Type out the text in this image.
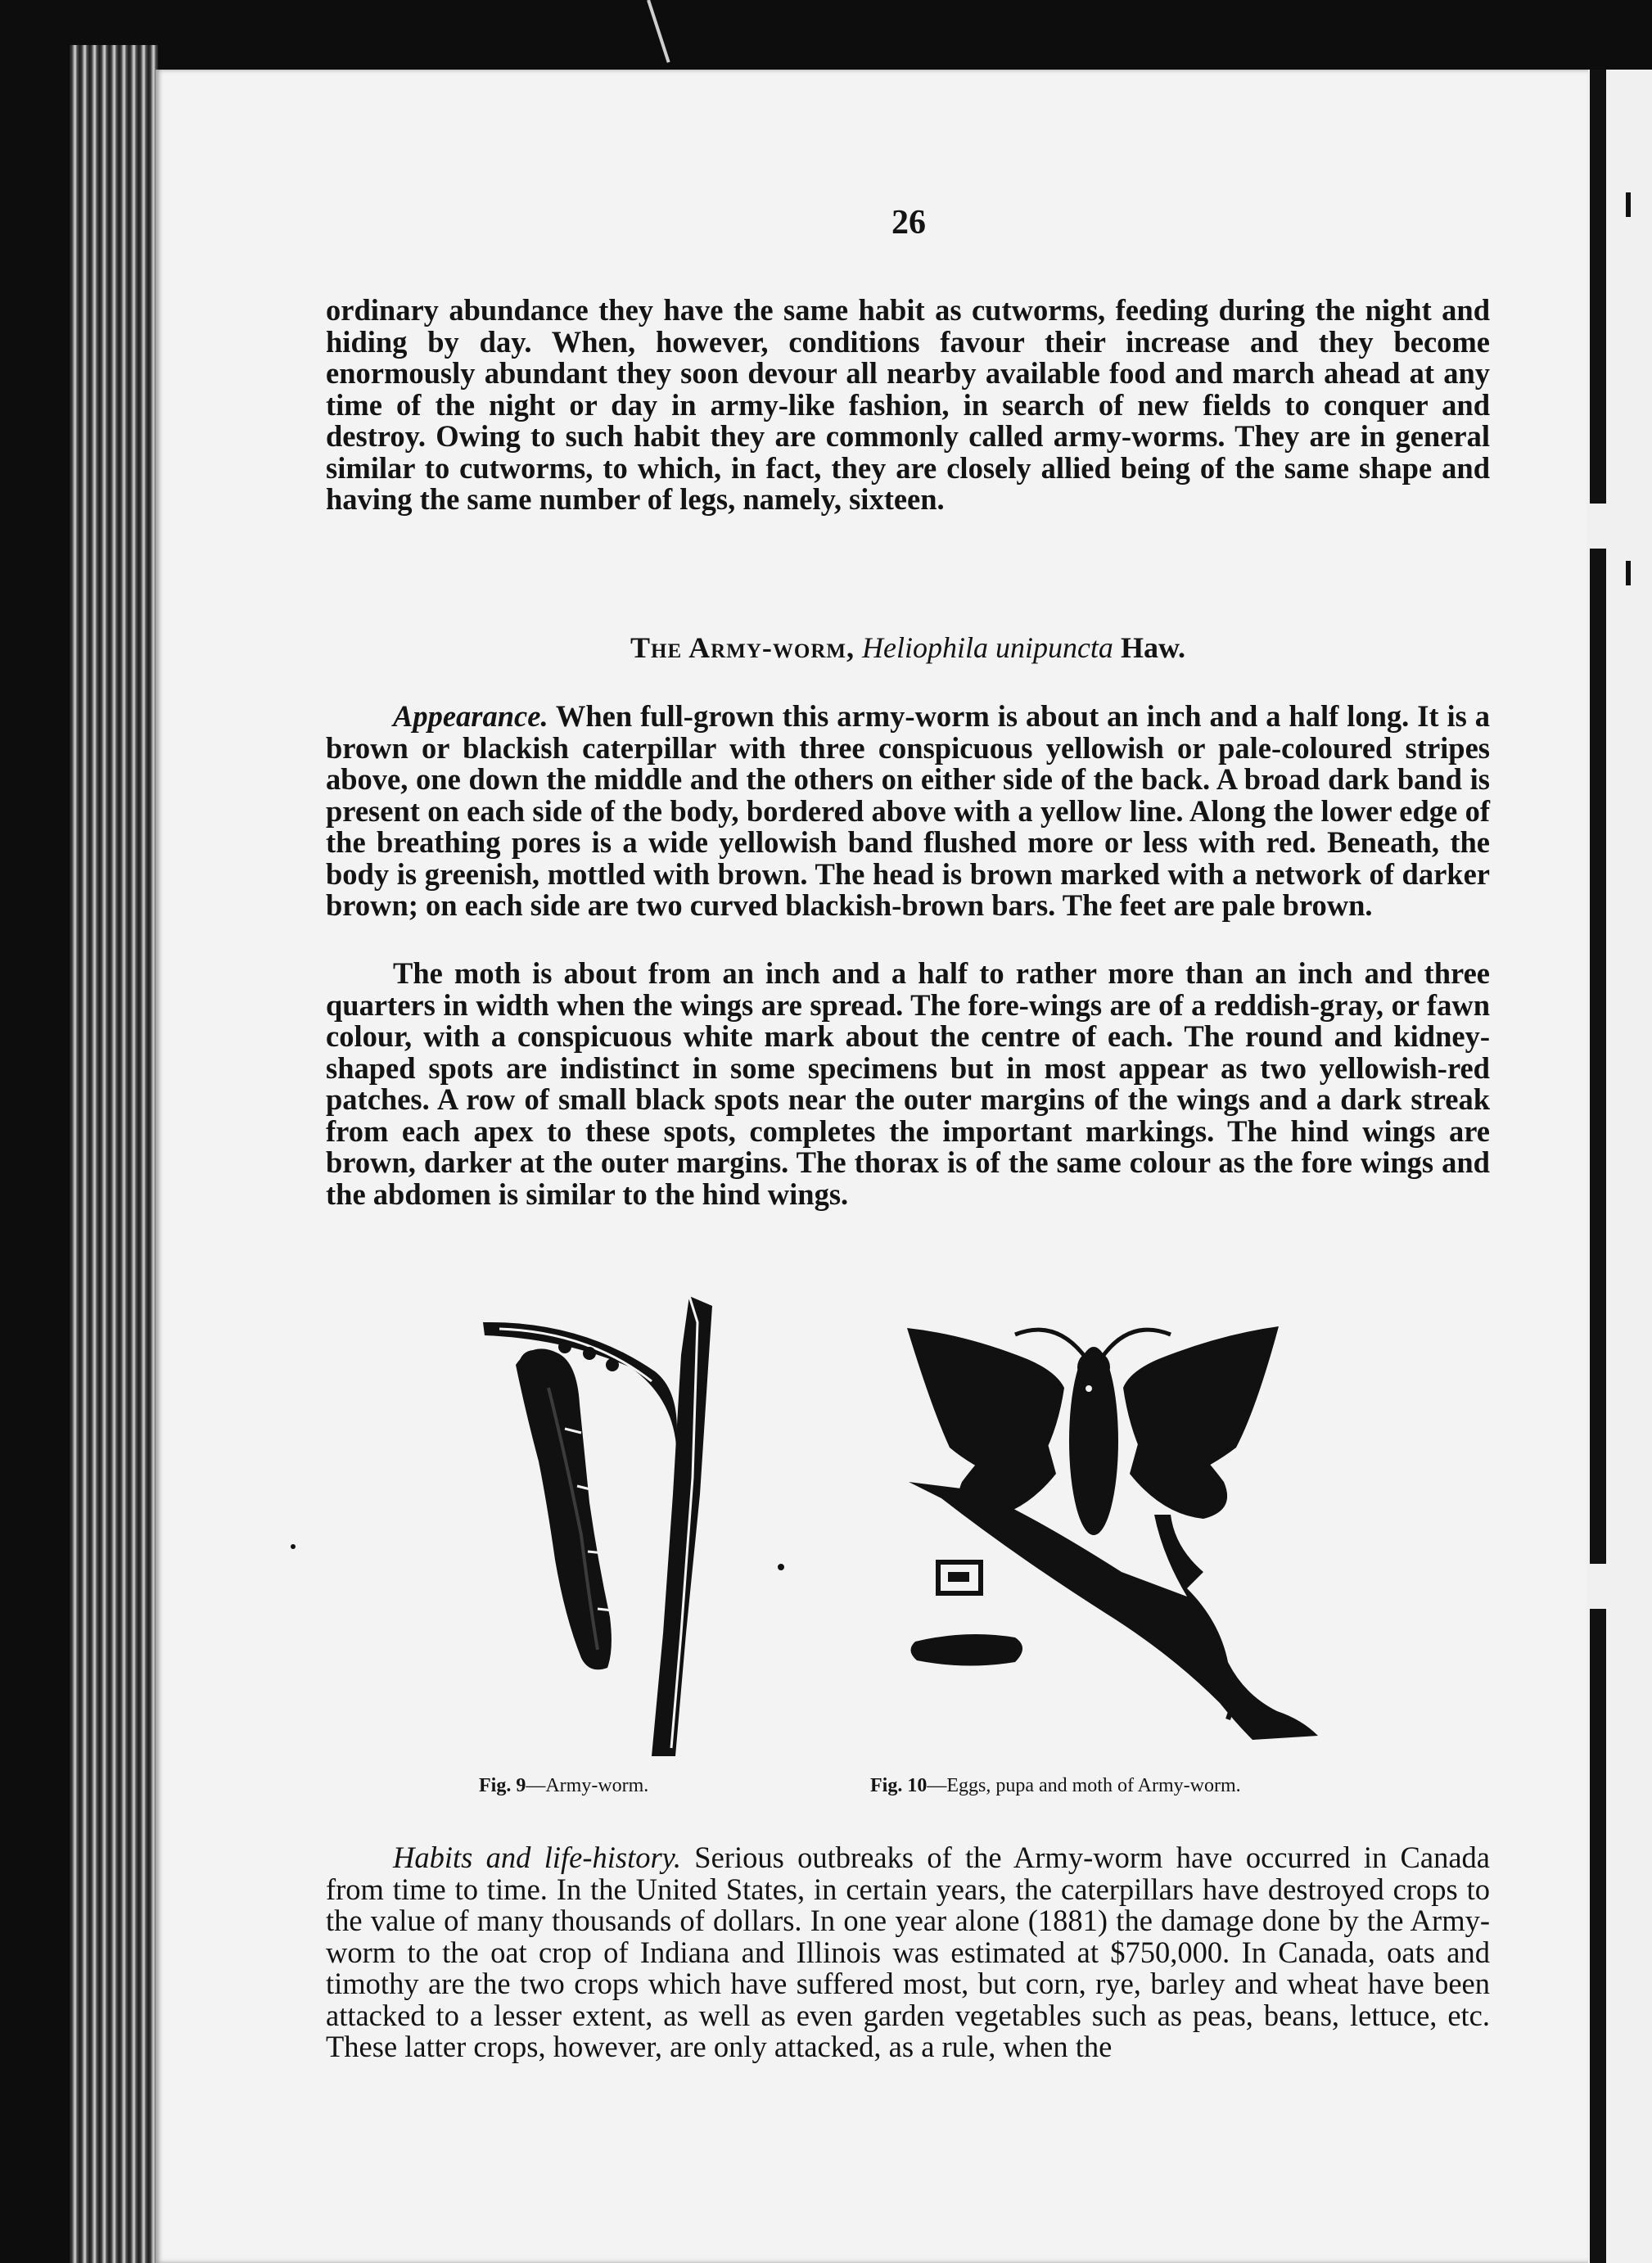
26
ordinary abundance they have the same habit as cutworms, feeding during the night and hiding by day. When, however, conditions favour their increase and they become enormously abundant they soon devour all nearby available food and march ahead at any time of the night or day in army-like fashion, in search of new fields to conquer and destroy. Owing to such habit they are commonly called army-worms. They are in general similar to cutworms, to which, in fact, they are closely allied being of the same shape and having the same number of legs, namely, sixteen.
The Army-worm, Heliophila unipuncta Haw.
Appearance. When full-grown this army-worm is about an inch and a half long. It is a brown or blackish caterpillar with three conspicuous yellowish or pale-coloured stripes above, one down the middle and the others on either side of the back. A broad dark band is present on each side of the body, bordered above with a yellow line. Along the lower edge of the breathing pores is a wide yellowish band flushed more or less with red. Beneath, the body is greenish, mottled with brown. The head is brown marked with a network of darker brown; on each side are two curved blackish-brown bars. The feet are pale brown.
The moth is about from an inch and a half to rather more than an inch and three quarters in width when the wings are spread. The fore-wings are of a reddish-gray, or fawn colour, with a conspicuous white mark about the centre of each. The round and kidney-shaped spots are indistinct in some specimens but in most appear as two yellowish-red patches. A row of small black spots near the outer margins of the wings and a dark streak from each apex to these spots, completes the important markings. The hind wings are brown, darker at the outer margins. The thorax is of the same colour as the fore wings and the abdomen is similar to the hind wings.
Fig. 9—Army-worm.	Fig. 10—Eggs, pupa and moth of Army-worm.
Habits and life-history. Serious outbreaks of the Army-worm have occurred in Canada from time to time. In the United States, in certain years, the caterpillars have destroyed crops to the value of many thousands of dollars. In one year alone (1881) the damage done by the Army-worm to the oat crop of Indiana and Illinois was estimated at $750,000. In Canada, oats and timothy are the two crops which have suffered most, but corn, rye, barley and wheat have been attacked to a lesser extent, as well as even garden vegetables such as peas, beans, lettuce, etc. These latter crops, however, are only attacked, as a rule, when the
